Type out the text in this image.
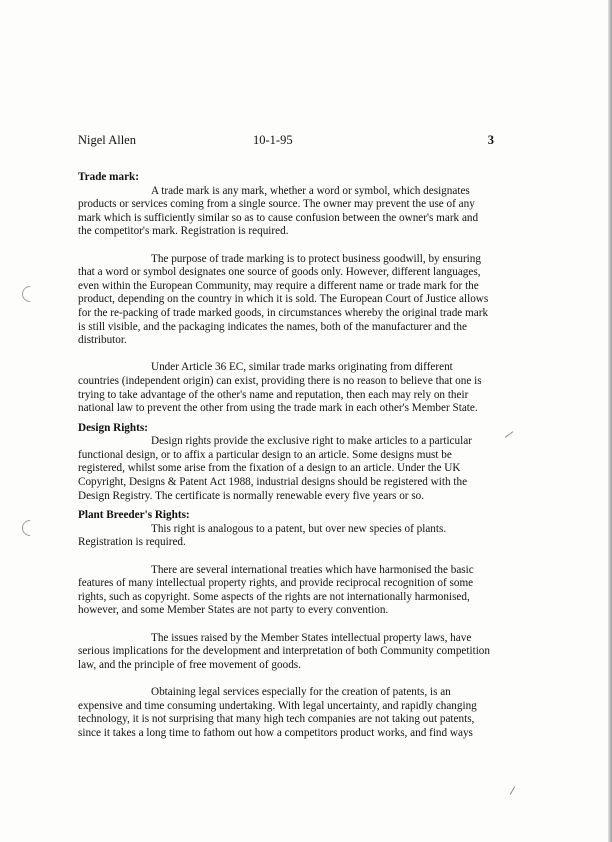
Nigel Allen	10-1-95	3

Trade mark:

A trade mark is any mark, whether a word or symbol, which designates products or services coming from a single source. The owner may prevent the use of any mark which is sufficiently similar so as to cause confusion between the owner's mark and the competitor's mark. Registration is required.

The purpose of trade marking is to protect business goodwill, by ensuring that a word or symbol designates one source of goods only. However, different languages, even within the European Community, may require a different name or trade mark for the product, depending on the country in which it is sold. The European Court of Justice allows for the re-packing of trade marked goods, in circumstances whereby the original trade mark is still visible, and the packaging indicates the names, both of the manufacturer and the distributor.

Under Article 36 EC, similar trade marks originating from different countries (independent origin) can exist, providing there is no reason to believe that one is trying to take advantage of the other's name and reputation, then each may rely on their national law to prevent the other from using the trade mark in each other's Member State.

Design Rights:

Design rights provide the exclusive right to make articles to a particular functional design, or to affix a particular design to an article. Some designs must be registered, whilst some arise from the fixation of a design to an article. Under the UK Copyright, Designs & Patent Act 1988, industrial designs should be registered with the Design Registry. The certificate is normally renewable every five years or so.

Plant Breeder's Rights:

This right is analogous to a patent, but over new species of plants. Registration is required.

There are several international treaties which have harmonised the basic features of many intellectual property rights, and provide reciprocal recognition of some rights, such as copyright. Some aspects of the rights are not internationally harmonised, however, and some Member States are not party to every convention.

The issues raised by the Member States intellectual property laws, have serious implications for the development and interpretation of both Community competition law, and the principle of free movement of goods.

Obtaining legal services especially for the creation of patents, is an expensive and time consuming undertaking. With legal uncertainty, and rapidly changing technology, it is not surprising that many high tech companies are not taking out patents, since it takes a long time to fathom out how a competitors product works, and find ways
